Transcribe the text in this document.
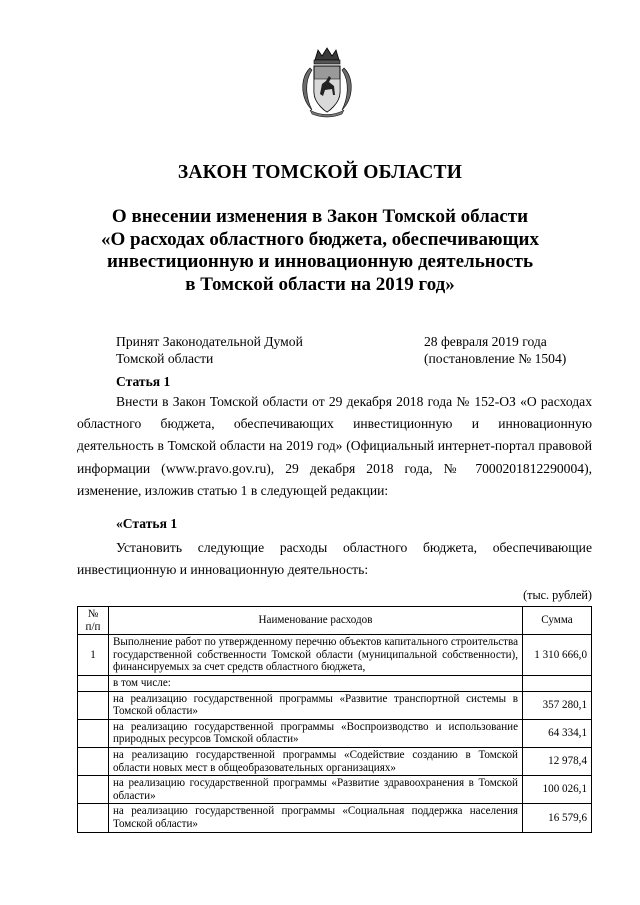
ЗАКОН ТОМСКОЙ ОБЛАСТИ
О внесении изменения в Закон Томской области
«О расходах областного бюджета, обеспечивающих
инвестиционную и инновационную деятельность
в Томской области на 2019 год»
Принят Законодательной Думой
Томской области
28 февраля 2019 года
(постановление № 1504)
Статья 1

Внести в Закон Томской области от 29 декабря 2018 года № 152-ОЗ «О расходах областного бюджета, обеспечивающих инвестиционную и инновационную деятельность в Томской области на 2019 год» (Официальный интернет-портал правовой информации (www.pravo.gov.ru), 29 декабря 2018 года, № 7000201812290004), изменение, изложив статью 1 в следующей редакции:

«Статья 1

Установить следующие расходы областного бюджета, обеспечивающие инвестиционную и инновационную деятельность:

(тыс. рублей)
№ п/п	Наименование расходов	Сумма
1	Выполнение работ по утвержденному перечню объектов капитального строительства государственной собственности Томской области (муниципальной собственности), финансируемых за счет средств областного бюджета,	1 310 666,0
	в том числе:	
	на реализацию государственной программы «Развитие транспортной системы в Томской области»	357 280,1
	на реализацию государственной программы «Воспроизводство и использование природных ресурсов Томской области»	64 334,1
	на реализацию государственной программы «Содействие созданию в Томской области новых мест в общеобразовательных организациях»	12 978,4
	на реализацию государственной программы «Развитие здравоохранения в Томской области»	100 026,1
	на реализацию государственной программы «Социальная поддержка населения Томской области»	16 579,6
